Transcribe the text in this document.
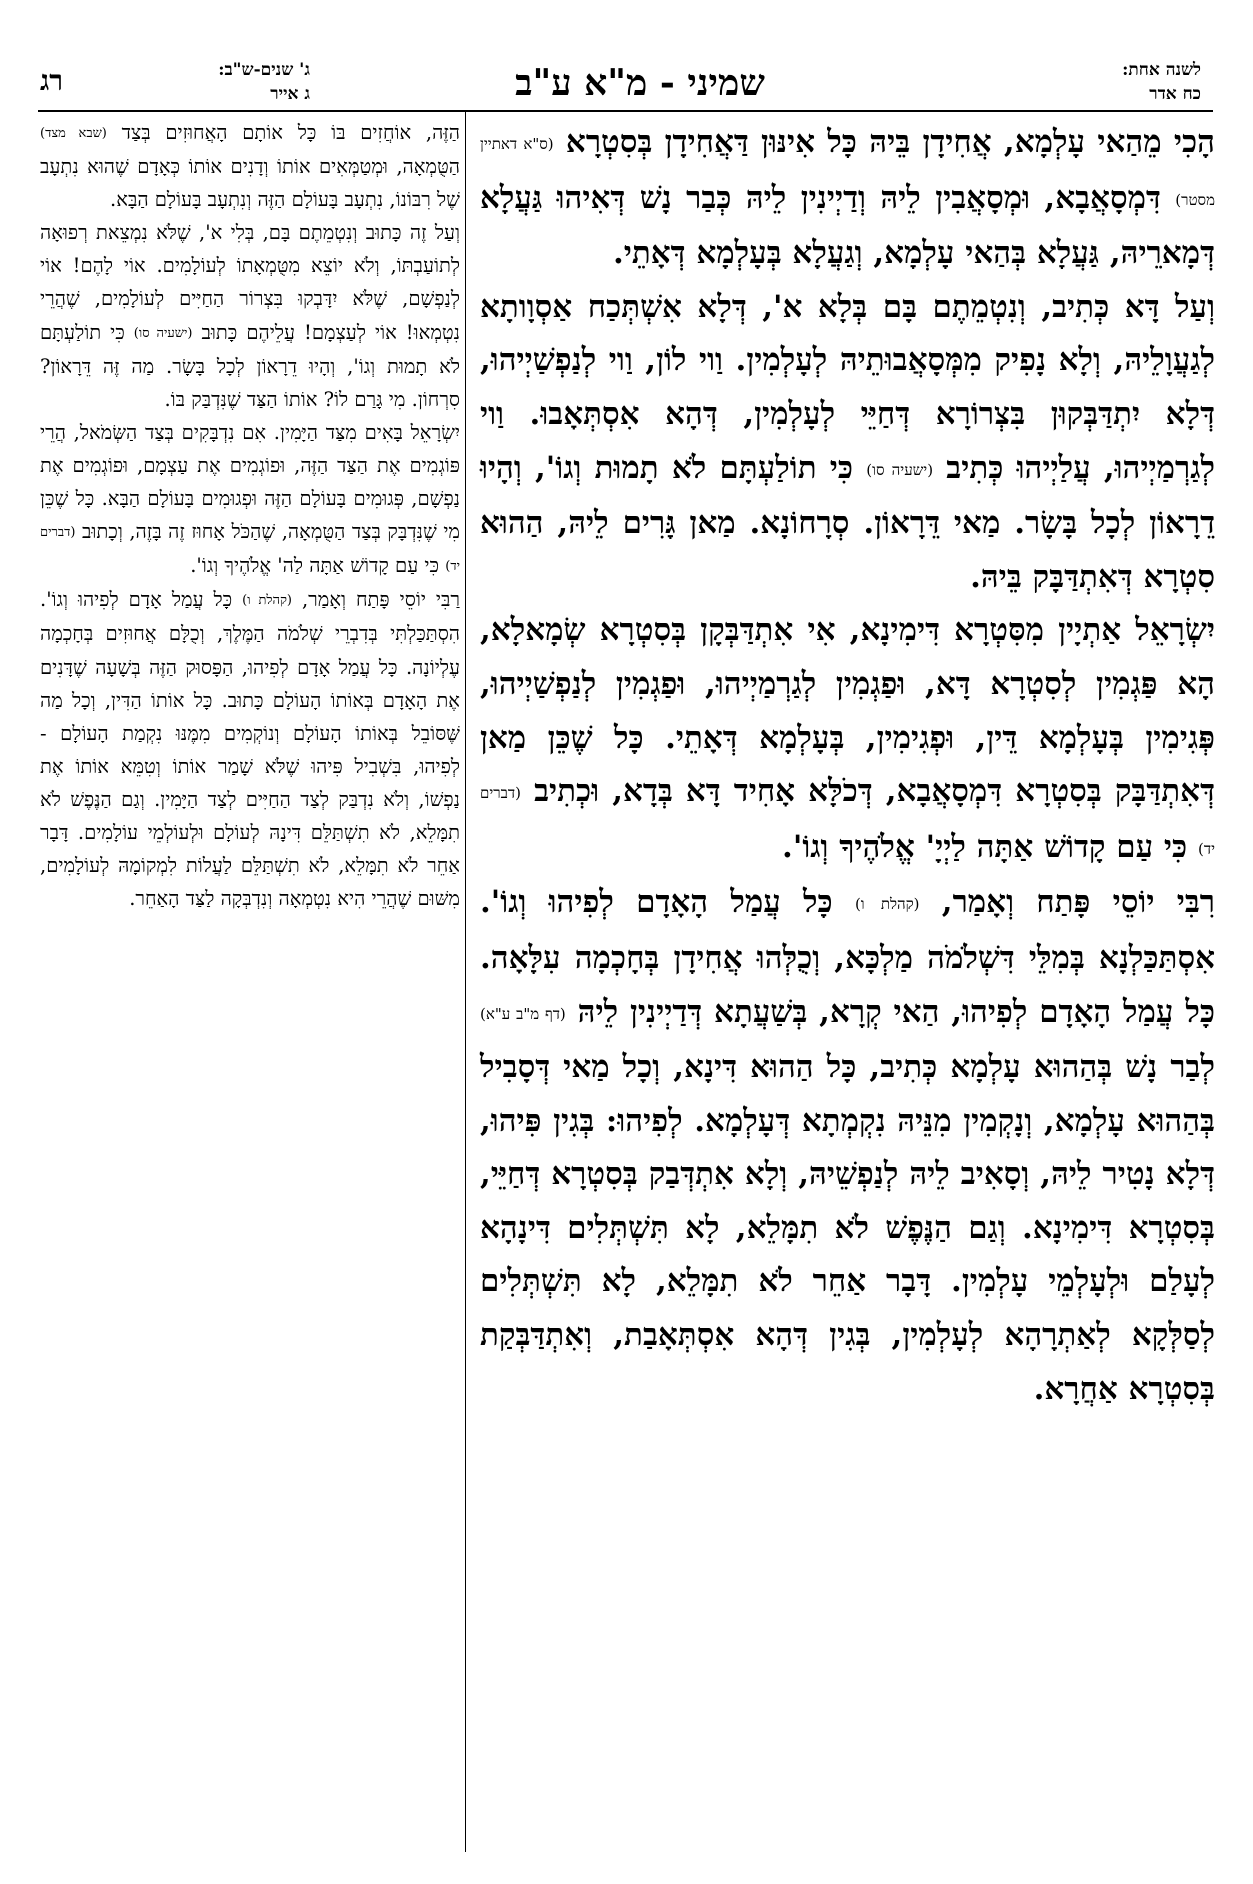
לשנה אחת:
כח אדר
שמיני - מ"א ע"ב
ג' שנים-ש"ב:
ג אייר
רג

הָכִי מֵהַאי עָלְמָא, אֲחִידָן בֵּיהּ כָּל אִינּוּן דַּאֲחִידָן בְּסִטְרָא (ס"א דאתיין מסטר) דִּמְסָאֲבָא, וּמְסָאֲבִין לֵיהּ וְדַיְינִין לֵיהּ כְּבַר נָשׁ דְּאִיהוּ גַּעֲלָא דְּמָארֵיהּ, גַּעֲלָא בְּהַאי עָלְמָא, וְגַעֲלָא בְּעָלְמָא דְּאָתֵי.

וְעַל דָּא כְּתִיב, וְנִטְמֵתֶם בָּם בְּלָא א', דְּלָא אִשְׁתְּכַח אַסְוָותָא לְגַעֲוָלֵיהּ, וְלָא נָפִיק מִמְּסָאֲבוּתֵיהּ לְעָלְמִין. וַוי לוֹן, וַוי לְנַפְשַׁיְיהוּ, דְּלָא יִתְדַּבְּקוּן בִּצְרוֹרָא דְּחַיֵּי לְעָלְמִין, דְּהָא אִסְתְּאָבוּ. וַוי לְגַרְמַיְיהוּ, עֲלַיְיהוּ כְּתִיב (ישעיה סו) כִּי תוֹלַעְתָּם לֹא תָמוּת וְגוֹ', וְהָיוּ דֵרָאוֹן לְכָל בָּשָׂר. מַאי דֵּרָאוֹן. סְרָחוֹנָא. מַאן גָּרִים לֵיהּ, הַהוּא סִטְרָא דְּאִתְדַּבָּק בֵּיהּ.

יִשְׂרָאֵל אַתְיָין מִסִּטְרָא דִּימִינָא, אִי אִתְדַּבְּקָן בְּסִטְרָא שְׂמָאלָא, הָא פַּגְמִין לְסִטְרָא דָּא, וּפַגְמִין לְגַרְמַיְיהוּ, וּפַגְמִין לְנַפְשַׁיְיהוּ, פְּגִימִין בְּעָלְמָא דֵּין, וּפְגִימִין, בְּעָלְמָא דְּאָתֵי. כָּל שֶׁכֵּן מַאן דְּאִתְדַּבָּק בְּסִטְרָא דִּמְסָאֲבָא, דְּכֹלָּא אָחִיד דָּא בְּדָא, וּכְתִיב (דברים יד) כִּי עַם קָדוֹשׁ אַתָּה לַיְיָ' אֱלֹהֶיךָ וְגוֹ'.

רִבִּי יוֹסֵי פָּתַח וְאָמַר, (קהלת ו) כָּל עֲמַל הָאָדָם לְפִיהוּ וְגוֹ'. אִסְתַּכַּלְנָא בְּמִלֵּי דִּשְׁלֹמֹה מַלְכָּא, וְכֻלְּהוּ אֲחִידָן בְּחָכְמָה עִלָּאָה. כָּל עֲמַל הָאָדָם לְפִיהוּ, הַאי קְרָא, בְּשַׁעֲתָא דְּדַיְינִין לֵיהּ (דף מ"ב ע"א) לְבַר נָשׁ בְּהַהוּא עָלְמָא כְּתִיב, כָּל הַהוּא דִּינָא, וְכָל מַאי דְּסָבִיל בְּהַהוּא עָלְמָא, וְנָקְמִין מִנֵּיהּ נִקְמְתָא דְּעָלְמָא. לְפִיהוּ: בְּגִין פִּיהוּ, דְּלָא נָטִיר לֵיהּ, וְסָאִיב לֵיהּ לְנַפְשֵׁיהּ, וְלָא אִתְדְּבַק בְּסִטְרָא דְּחַיֵּי, בְּסִטְרָא דִּימִינָא. וְגַם הַנֶּפֶשׁ לֹא תִמָּלֵא, לָא תִּשְׁתְּלִים דִּינָהָא לְעָלַם וּלְעָלְמֵי עָלְמִין. דָּבָר אַחֵר לֹא תִמָּלֵא, לָא תִּשְׁתְּלִים לְסַלְּקָא לְאַתְרָהָא לְעָלְמִין, בְּגִין דְּהָא אִסְתְּאָבַת, וְאִתְדַּבְּקַת בְּסִטְרָא אַחֲרָא.

הַזֶּה, אוֹחֲזִים בּוֹ כָּל אוֹתָם הָאֲחוּזִים בְּצַד (שבא מצד) הַטֻּמְאָה, וּמְטַמְּאִים אוֹתוֹ וְדָנִים אוֹתוֹ כְּאָדָם שֶׁהוּא נִתְעָב שֶׁל רִבּוֹנוֹ, נִתְעָב בָּעוֹלָם הַזֶּה וְנִתְעָב בָּעוֹלָם הַבָּא.

וְעַל זֶה כָּתוּב וְנִטְמֵתֶם בָּם, בְּלִי א', שֶׁלֹּא נִמְצֵאת רְפוּאָה לְתוֹעַבְתּוֹ, וְלֹא יוֹצֵא מִטֻּמְאָתוֹ לְעוֹלָמִים. אוֹי לָהֶם! אוֹי לְנַפְשָׁם, שֶׁלֹּא יִדָּבְקוּ בִּצְרוֹר הַחַיִּים לְעוֹלָמִים, שֶׁהֲרֵי נִטְמְאוּ! אוֹי לְעַצְמָם! עֲלֵיהֶם כָּתוּב (ישעיה סו) כִּי תוֹלַעְתָּם לֹא תָמוּת וְגוֹ', וְהָיוּ דֵרָאוֹן לְכָל בָּשָׂר. מַה זֶּה דֵּרָאוֹן? סִרְחוֹן. מִי גָּרַם לוֹ? אוֹתוֹ הַצַּד שֶׁנִּדְבַּק בּוֹ.

יִשְׂרָאֵל בָּאִים מִצַּד הַיָּמִין. אִם נִדְבָּקִים בְּצַד הַשְּׂמֹאל, הֲרֵי פּוֹגְמִים אֶת הַצַּד הַזֶּה, וּפוֹגְמִים אֶת עַצְמָם, וּפוֹגְמִים אֶת נַפְשָׁם, פְּגוּמִים בָּעוֹלָם הַזֶּה וּפְגוּמִים בָּעוֹלָם הַבָּא. כָּל שֶׁכֵּן מִי שֶׁנִּדְבָּק בְּצַד הַטֻּמְאָה, שֶׁהַכֹּל אָחוּז זֶה בָּזֶה, וְכָתוּב (דברים יד) כִּי עַם קָדוֹשׁ אַתָּה לַה' אֱלֹהֶיךָ וְגוֹ'.

רַבִּי יוֹסֵי פָּתַח וְאָמַר, (קהלת ו) כָּל עֲמַל אָדָם לְפִיהוּ וְגוֹ'. הִסְתַּכַּלְתִּי בְּדִבְרֵי שְׁלֹמֹה הַמֶּלֶךְ, וְכֻלָּם אֲחוּזִים בְּחָכְמָה עֶלְיוֹנָה. כָּל עֲמַל אָדָם לְפִיהוּ, הַפָּסוּק הַזֶּה בְּשָׁעָה שֶׁדָּנִים אֶת הָאָדָם בְּאוֹתוֹ הָעוֹלָם כָּתוּב. כָּל אוֹתוֹ הַדִּין, וְכָל מַה שֶּׁסּוֹבֵל בְּאוֹתוֹ הָעוֹלָם וְנוֹקְמִים מִמֶּנּוּ נִקְמַת הָעוֹלָם - לְפִיהוּ, בִּשְׁבִיל פִּיהוּ שֶׁלֹּא שָׁמַר אוֹתוֹ וְטִמֵּא אוֹתוֹ אֶת נַפְשׁוֹ, וְלֹא נִדְבַּק לְצַד הַחַיִּים לְצַד הַיָּמִין. וְגַם הַנֶּפֶשׁ לֹא תִמָּלֵא, לֹא תִשְׁתַּלֵּם דִּינָהּ לְעוֹלָם וּלְעוֹלְמֵי עוֹלָמִים. דָּבָר אַחֵר לֹא תִמָּלֵא, לֹא תִשְׁתַּלֵּם לַעֲלוֹת לִמְקוֹמָהּ לְעוֹלָמִים, מִשּׁוּם שֶׁהֲרֵי הִיא נִטְמְאָה וְנִדְבְּקָה לַצַּד הָאַחֵר.
